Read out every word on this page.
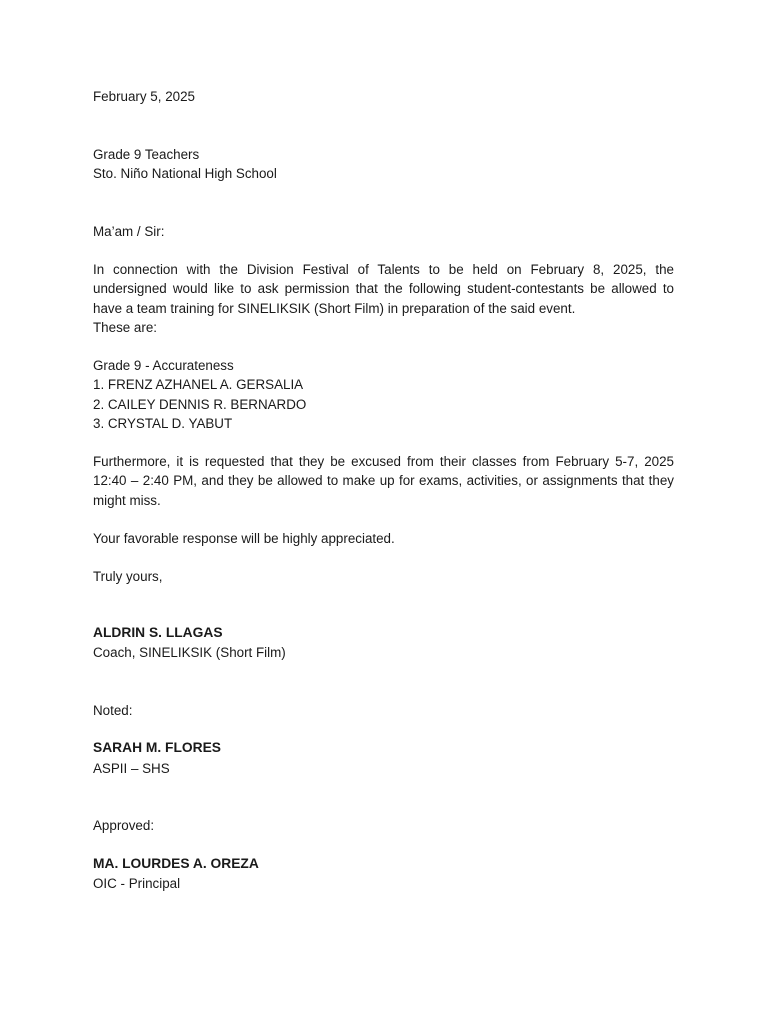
February 5, 2025
Grade 9 Teachers
Sto. Niño National High School
Ma’am / Sir:
In connection with the Division Festival of Talents to be held on February 8, 2025, the undersigned would like to ask permission that the following student-contestants be allowed to have a team training for SINELIKSIK (Short Film) in preparation of the said event.
These are:
Grade 9 - Accurateness
1. FRENZ AZHANEL A. GERSALIA
2. CAILEY DENNIS R. BERNARDO
3. CRYSTAL D. YABUT
Furthermore, it is requested that they be excused from their classes from February 5-7, 2025 12:40 – 2:40 PM, and they be allowed to make up for exams, activities, or assignments that they might miss.
Your favorable response will be highly appreciated.
Truly yours,
ALDRIN S. LLAGAS
Coach, SINELIKSIK (Short Film)
Noted:
SARAH M. FLORES
ASPII – SHS
Approved:
MA. LOURDES A. OREZA
OIC - Principal
